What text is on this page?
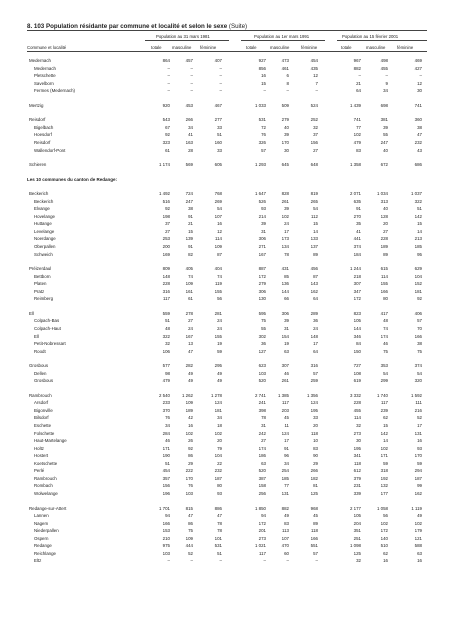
8. 103 Population résidante par commune et localité et selon le sexe (Suite)
Population au 31 mars 1981	Population au 1er mars 1991	Population au 15 février 2001
Commune et localité	totale masculine féminine	totale	masculine	féminine	totale	masculine	féminine
Medernach	864	457	407	927	473	454	967	498	469
Medernach	–	–	–	856	461	435	882	455	427
Pletschette	–	–	–	16	6	12	–	–	–
Savelborn	–	–	–	15	8	7	21	9	12
Fermes (Medernach)	–	–	–	–	–	–	64	34	30
Mertzig	920	453	467	1 033	509	524	1 439	698	741
Reisdorf	543	266	277	531	279	252	741	381	360
Bigelbach	67	34	33	72	40	32	77	39	38
Hoesdorf	92	41	51	76	39	37	102	55	47
Reisdorf	323	163	160	326	170	156	479	247	232
Wallendorf-Pont	61	28	33	57	30	27	83	40	43
Schieren	1 174	569	605	1 293	645	648	1 358	672	686
Les 10 communes du canton de Redange:
Beckerich	1 492	724	768	1 647	828	819	2 071	1 034	1 037
Beckerich	516	247	269	526	261	265	635	313	322
Elvange	92	38	54	93	39	54	91	40	51
Hovelange	198	91	107	214	102	112	270	128	142
Huttange	37	21	16	39	24	15	35	20	15
Levelange	27	15	12	31	17	14	41	27	14
Noerdange	253	139	114	306	173	133	441	228	213
Oberpallen	200	91	109	271	134	137	374	189	185
Schweich	169	82	87	167	78	89	184	89	95
Préizerdaul	809	405	404	887	431	456	1 244	615	629
Bettborn	148	74	74	172	85	87	218	114	104
Platen	228	109	119	279	136	143	307	155	152
Pratz	316	161	155	306	144	162	347	166	181
Reimberg	117	61	56	130	66	64	172	80	92
Ell	559	278	281	595	306	289	823	417	406
Colpach-Bas	51	27	24	75	39	36	105	48	57
Colpach-Haut	48	24	24	55	31	24	144	74	70
Ell	322	167	155	302	154	148	346	174	166
Petit-Nobressart	32	13	19	36	19	17	84	46	38
Roodt	106	47	59	127	63	64	150	75	75
Grosbous	577	282	295	623	307	316	727	353	374
Dellen	98	49	49	103	46	57	108	54	54
Grosbous	479	49	49	520	261	259	619	299	320
Rambrouch	2 540	1 262	1 278	2 741	1 385	1 356	3 332	1 740	1 592
Arsdorf	233	109	124	241	117	124	228	117	111
Bigonville	370	189	181	398	203	195	455	239	216
Bilsdorf	76	42	34	78	45	33	114	62	52
Eschette	34	16	18	31	11	20	32	15	17
Folschette	284	102	102	242	124	118	273	142	131
Haut-Martelange	46	26	20	27	17	10	30	14	16
Holtz	171	92	79	174	91	83	195	102	93
Hostert	190	86	104	186	96	90	341	171	170
Koetschette	51	29	22	63	34	29	118	59	59
Perlé	454	222	232	520	254	266	612	318	294
Rambrouch	357	170	187	387	185	182	379	192	187
Rombach	156	76	80	158	77	81	231	132	99
Wolwelange	196	103	93	256	131	125	339	177	162
Redange-sur-Attert	1 701	815	886	1 850	882	968	2 177	1 058	1 119
Lannen	94	47	47	94	49	45	105	56	49
Nagem	166	86	78	172	83	89	204	102	102
Niederpallen	153	75	78	201	113	118	351	172	179
Ospern	210	109	101	273	107	166	251	140	121
Redange	975	444	531	1 021	470	551	1 098	510	588
Reichlange	103	52	51	117	60	57	125	62	63
Eltz	–	–	–	–	–	–	32	16	16
